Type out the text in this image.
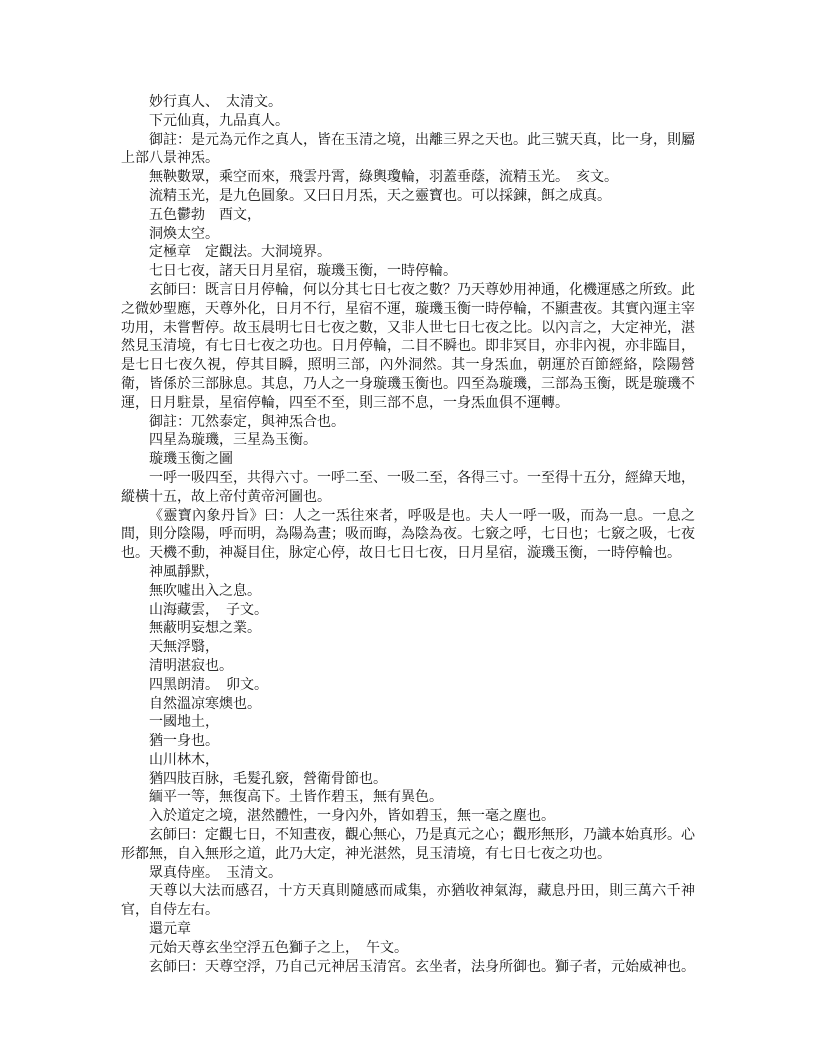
妙行真人、　太清文。

下元仙真，九品真人。

御註：是元為元作之真人，皆在玉清之境，出離三界之天也。此三號天真，比一身，則屬上部八景神炁。

無鞅數眾，乘空而來，飛雲丹霄，綠輿瓊輪，羽蓋垂蔭，流精玉光。　亥文。

流精玉光，是九色圓象。又曰日月炁，天之靈寶也。可以採鍊，餌之成真。

五色鬱勃　酉文，

洞煥太空。

定極章　定觀法。大洞境界。

七日七夜，諸天日月星宿，璇璣玉衡，一時停輪。

玄師曰：既言日月停輪，何以分其七日七夜之數？乃天尊妙用神通，化機運感之所致。此之微妙聖應，天尊外化，日月不行，星宿不運，璇璣玉衡一時停輪，不顯晝夜。其實內運主宰功用，未嘗暫停。故玉晨明七日七夜之數，又非人世七日七夜之比。以內言之，大定神光，湛然見玉清境，有七日七夜之功也。日月停輪，二目不瞬也。即非冥目，亦非內視，亦非臨目，是七日七夜久視，停其目瞬，照明三部，內外洞然。其一身炁血，朝運於百節經絡，陰陽營衛，皆係於三部脉息。其息，乃人之一身璇璣玉衡也。四至為璇璣，三部為玉衡，既是璇璣不運，日月駐景，星宿停輪，四至不至，則三部不息，一身炁血俱不運轉。

御註：兀然泰定，與神炁合也。

四星為璇璣，三星為玉衡。

璇璣玉衡之圖

一呼一吸四至，共得六寸。一呼二至、一吸二至，各得三寸。一至得十五分，經緯天地，縱橫十五，故上帝付黄帝河圖也。

《靈寶內象丹旨》曰：人之一炁往來者，呼吸是也。夫人一呼一吸，而為一息。一息之間，則分陰陽，呼而明，為陽為晝；吸而晦，為陰為夜。七竅之呼，七日也；七竅之吸，七夜也。天機不動，神凝目住，脉定心停，故日七日七夜，日月星宿，漩璣玉衡，一時停輪也。

神風靜默，

無吹噓出入之息。

山海藏雲，　子文。

無蔽明妄想之業。

天無浮翳，

清明湛寂也。

四黑朗清。　卯文。

自然溫凉寒燠也。

一國地土，

猶一身也。

山川林木，

猶四肢百脉，毛髮孔竅，營衛骨節也。

緬平一等，無復高下。土皆作碧玉，無有異色。

入於道定之境，湛然體性，一身內外，皆如碧玉，無一毫之塵也。

玄師曰：定觀七日，不知晝夜，觀心無心，乃是真元之心；觀形無形，乃識本始真形。心形都無，自入無形之道，此乃大定，神光湛然，見玉清境，有七日七夜之功也。

眾真侍座。　玉清文。

天尊以大法而感召，十方天真則隨感而咸集，亦猶收神氣海，藏息丹田，則三萬六千神官，自侍左右。

還元章

元始天尊玄坐空浮五色獅子之上，　午文。

玄師曰：天尊空浮，乃自己元神居玉清宮。玄坐者，法身所御也。獅子者，元始威神也。
